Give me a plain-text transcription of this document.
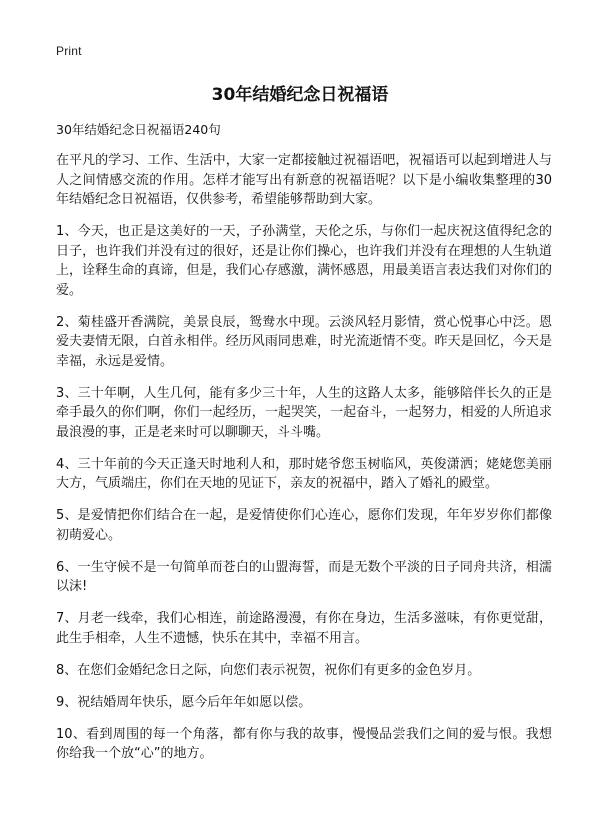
Print
30年结婚纪念日祝福语
30年结婚纪念日祝福语240句

在平凡的学习、工作、生活中，大家一定都接触过祝福语吧，祝福语可以起到增进人与人之间情感交流的作用。怎样才能写出有新意的祝福语呢？以下是小编收集整理的30年结婚纪念日祝福语，仅供参考，希望能够帮助到大家。

1、今天，也正是这美好的一天，子孙满堂，天伦之乐，与你们一起庆祝这值得纪念的日子，也许我们并没有过的很好，还是让你们操心，也许我们并没有在理想的人生轨道上，诠释生命的真谛，但是，我们心存感激，满怀感恩，用最美语言表达我们对你们的爱。

2、菊桂盛开香满院，美景良辰，鸳鸯水中现。云淡风轻月影情，赏心悦事心中泛。恩爱夫妻情无限，白首永相伴。经历风雨同患难，时光流逝情不变。昨天是回忆，今天是幸福，永远是爱情。

3、三十年啊，人生几何，能有多少三十年，人生的这路人太多，能够陪伴长久的正是牵手最久的你们啊，你们一起经历，一起哭笑，一起奋斗，一起努力，相爱的人所追求最浪漫的事，正是老来时可以聊聊天，斗斗嘴。

4、三十年前的今天正逢天时地利人和，那时姥爷您玉树临风，英俊潇洒；姥姥您美丽大方，气质端庄，你们在天地的见证下，亲友的祝福中，踏入了婚礼的殿堂。

5、是爱情把你们结合在一起，是爱情使你们心连心，愿你们发现，年年岁岁你们都像初萌爱心。

6、一生守候不是一句简单而苍白的山盟海誓，而是无数个平淡的日子同舟共济，相濡以沫!

7、月老一线牵，我们心相连，前途路漫漫，有你在身边，生活多滋味，有你更觉甜，此生手相牵，人生不遗憾，快乐在其中，幸福不用言。

8、在您们金婚纪念日之际，向您们表示祝贺，祝你们有更多的金色岁月。

9、祝结婚周年快乐，愿今后年年如愿以偿。

10、看到周围的每一个角落，都有你与我的故事，慢慢品尝我们之间的爱与恨。我想你给我一个放“心”的地方。
